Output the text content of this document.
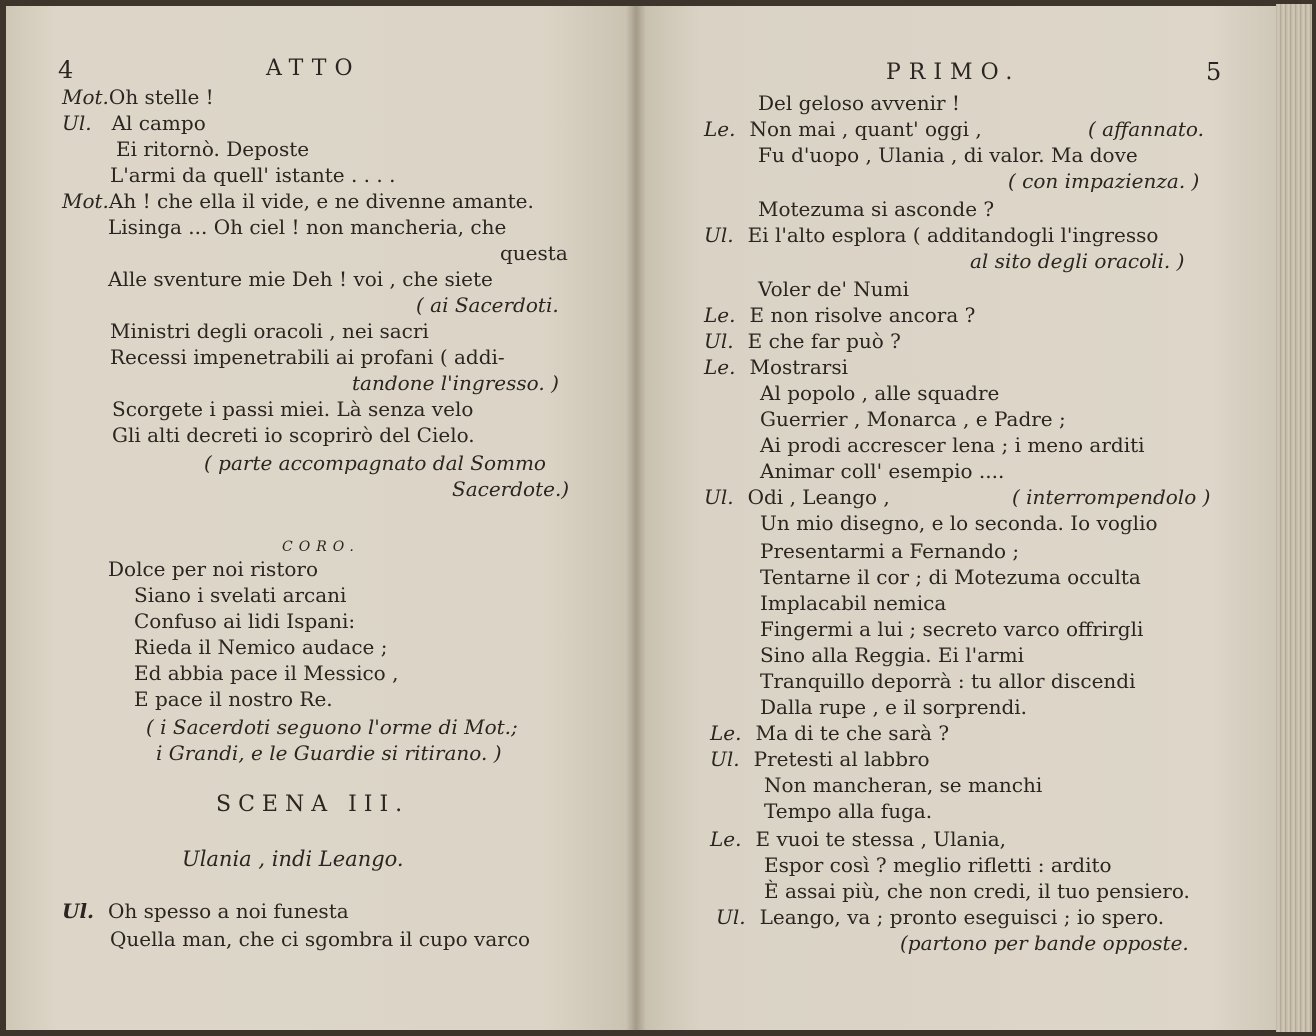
4	ATTO
Mot.Oh stelle !
Ul. Al campo
Ei ritornò. Deposte
L'armi da quell' istante . . . .
Mot.Ah ! che ella il vide, e ne divenne amante.
Lisinga ... Oh ciel ! non mancheria, che
questa
Alle sventure mie Deh ! voi , che siete
( ai Sacerdoti.
Ministri degli oracoli , nei sacri
Recessi impenetrabili ai profani ( addi-
tandone l'ingresso. )
Scorgete i passi miei. Là senza velo
Gli alti decreti io scoprirò del Cielo.
( parte accompagnato dal Sommo
Sacerdote.)
CORO.
Dolce per noi ristoro
Siano i svelati arcani
Confuso ai lidi Ispani:
Rieda il Nemico audace ;
Ed abbia pace il Messico ,
E pace il nostro Re.
( i Sacerdoti seguono l'orme di Mot.;
i Grandi, e le Guardie si ritirano. )
SCENA III.
Ulania , indi Leango.
Ul. Oh spesso a noi funesta
Quella man, che ci sgombra il cupo varco
PRIMO.	5
Del geloso avvenir !
Le. Non mai , quant' oggi ,	( affannato.
Fu d'uopo , Ulania , di valor. Ma dove
( con impazienza. )
Motezuma si asconde ?
Ul. Ei l'alto esplora ( additandogli l'ingresso
al sito degli oracoli. )
Voler de' Numi
Le. E non risolve ancora ?
Ul. E che far può ?
Le. Mostrarsi
Al popolo , alle squadre
Guerrier , Monarca , e Padre ;
Ai prodi accrescer lena ; i meno arditi
Animar coll' esempio ....
Ul. Odi , Leango ,	( interrompendolo )
Un mio disegno, e lo seconda. Io voglio
Presentarmi a Fernando ;
Tentarne il cor ; di Motezuma occulta
Implacabil nemica
Fingermi a lui ; secreto varco offrirgli
Sino alla Reggia. Ei l'armi
Tranquillo deporrà : tu allor discendi
Dalla rupe , e il sorprendi.
Le. Ma di te che sarà ?
Ul. Pretesti al labbro
Non mancheran, se manchi
Tempo alla fuga.
Le. E vuoi te stessa , Ulania,
Espor così ? meglio rifletti : ardito
È assai più, che non credi, il tuo pensiero.
Ul. Leango, va ; pronto eseguisci ; io spero.
(partono per bande opposte.
